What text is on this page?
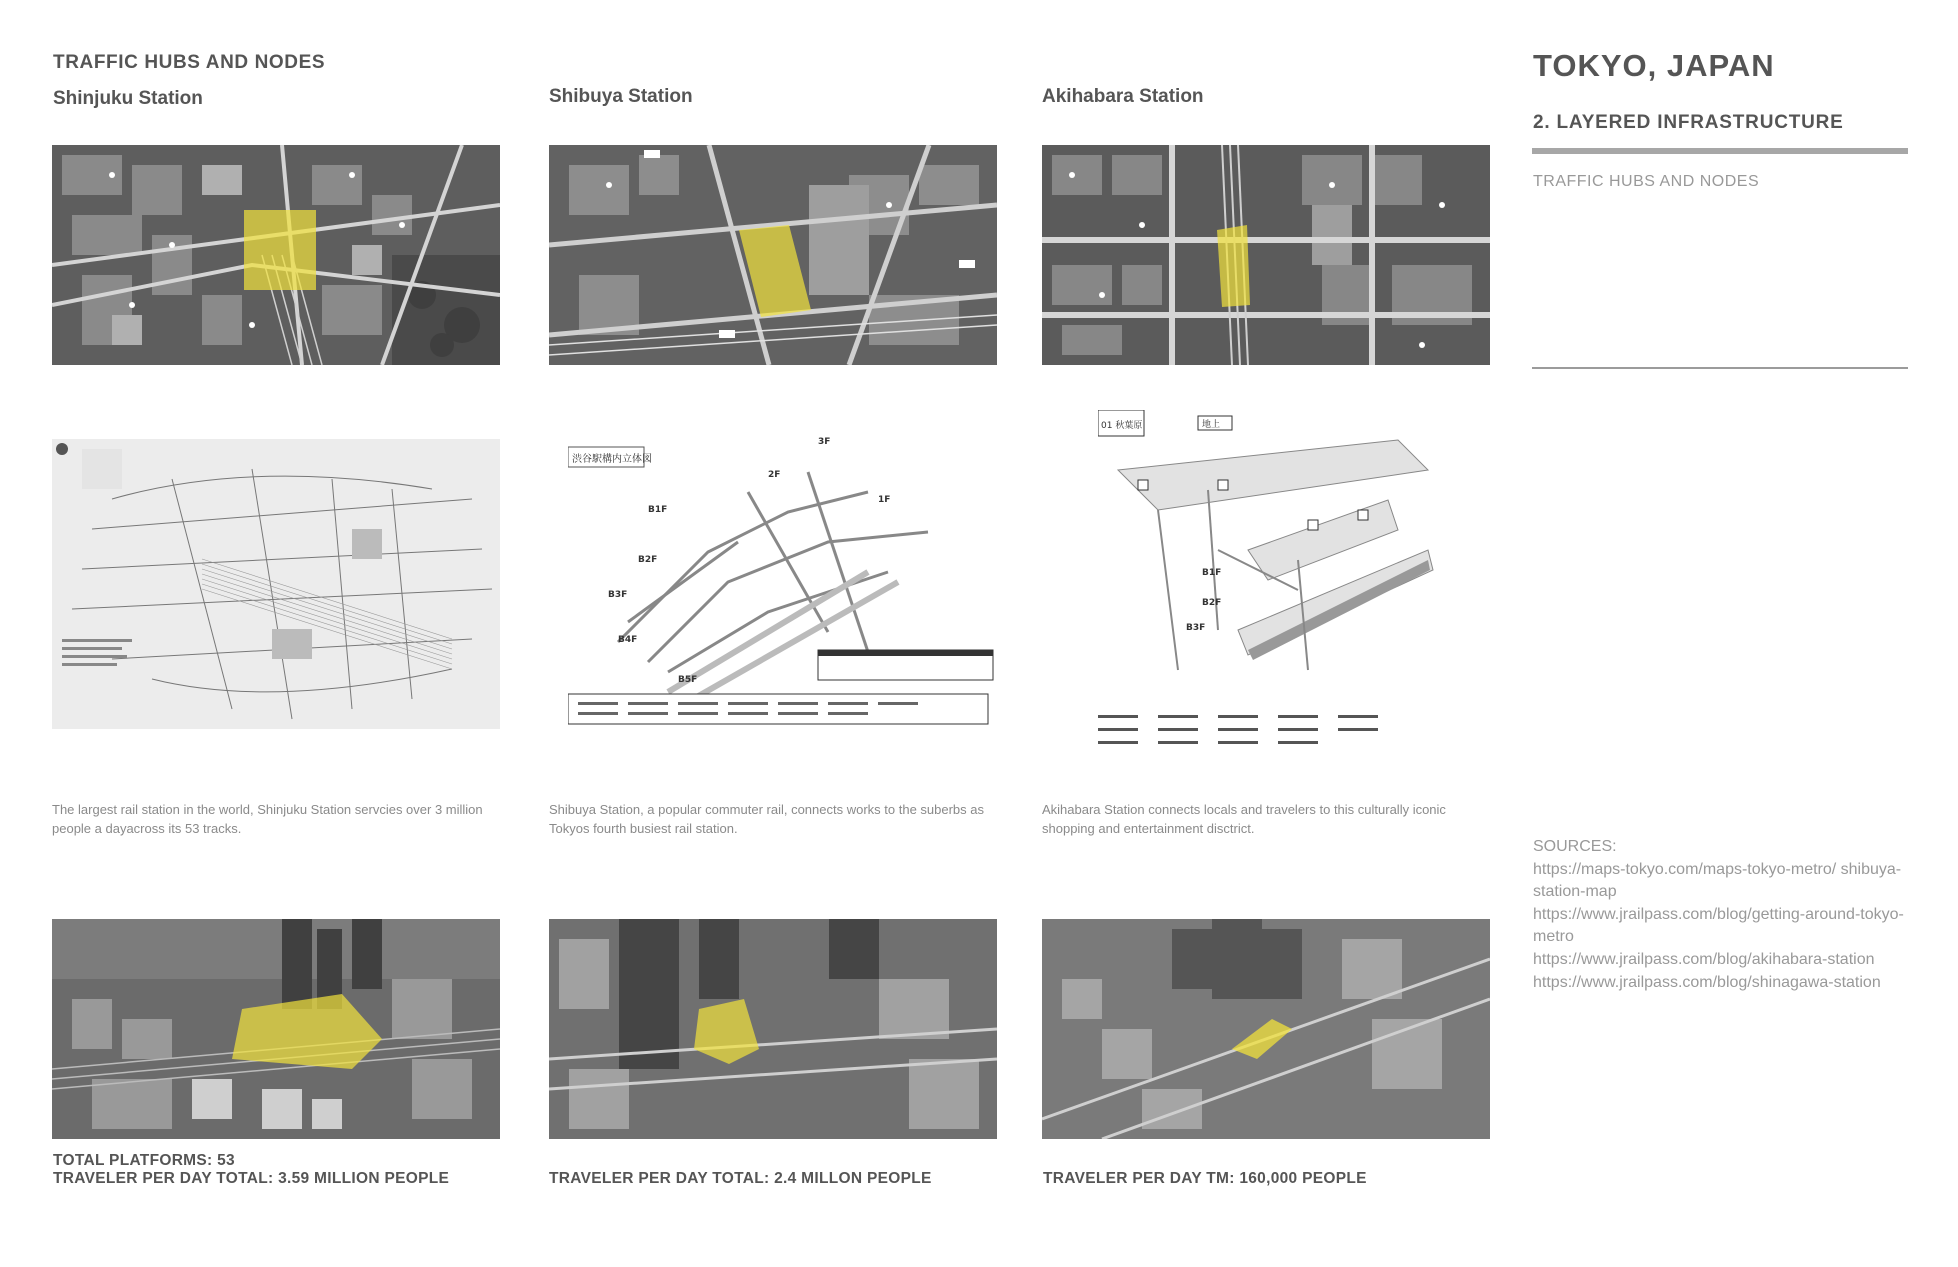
TRAFFIC HUBS AND NODES
Shinjuku Station	Shibuya Station	Akihabara Station
渋谷駅構内立体図
3F
2F
1F
B1F
B2F
B3F
B4F
B5F
01 秋葉原	地上
B1F
B2F
B3F
The largest rail station in the world, Shinjuku Station servcies over 3 million people a dayacross its 53 tracks.
Shibuya Station, a popular commuter rail, connects works to the suberbs as Tokyos fourth busiest rail station.
Akihabara Station connects locals and travelers to this culturally iconic shopping and entertainment disctrict.
TOTAL PLATFORMS: 53
TRAVELER PER DAY TOTAL: 3.59 MILLION PEOPLE	TRAVELER PER DAY TOTAL: 2.4 MILLON PEOPLE	TRAVELER PER DAY TM: 160,000 PEOPLE
TOKYO, JAPAN
2. LAYERED INFRASTRUCTURE
TRAFFIC HUBS AND NODES
SOURCES:
https://maps-tokyo.com/maps-tokyo-metro/ shibuya-station-map
https://www.jrailpass.com/blog/getting-around-tokyo-metro
https://www.jrailpass.com/blog/akihabara-station
https://www.jrailpass.com/blog/shinagawa-station
